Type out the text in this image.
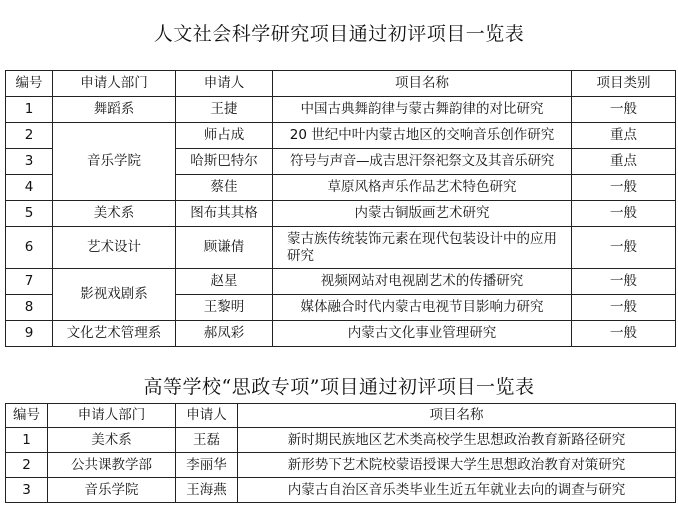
人文社会科学研究项目通过初评项目一览表
编号	申请人部门	申请人	项目名称	项目类别
1	舞蹈系	王捷	中国古典舞韵律与蒙古舞韵律的对比研究	一般
2	音乐学院	师占成	20 世纪中叶内蒙古地区的交响音乐创作研究	重点
3		哈斯巴特尔	符号与声音—成吉思汗祭祀祭文及其音乐研究	重点
4		蔡佳	草原风格声乐作品艺术特色研究	一般
5	美术系	图布其其格	内蒙古铜版画艺术研究	一般
6	艺术设计	顾谦倩	蒙古族传统装饰元素在现代包装设计中的应用研究	一般
7	影视戏剧系	赵星	视频网站对电视剧艺术的传播研究	一般
8		王黎明	媒体融合时代内蒙古电视节目影响力研究	一般
9	文化艺术管理系	郝凤彩	内蒙古文化事业管理研究	一般
高等学校“思政专项”项目通过初评项目一览表
编号	申请人部门	申请人	项目名称
1	美术系	王磊	新时期民族地区艺术类高校学生思想政治教育新路径研究
2	公共课教学部	李丽华	新形势下艺术院校蒙语授课大学生思想政治教育对策研究
3	音乐学院	王海燕	内蒙古自治区音乐类毕业生近五年就业去向的调查与研究
